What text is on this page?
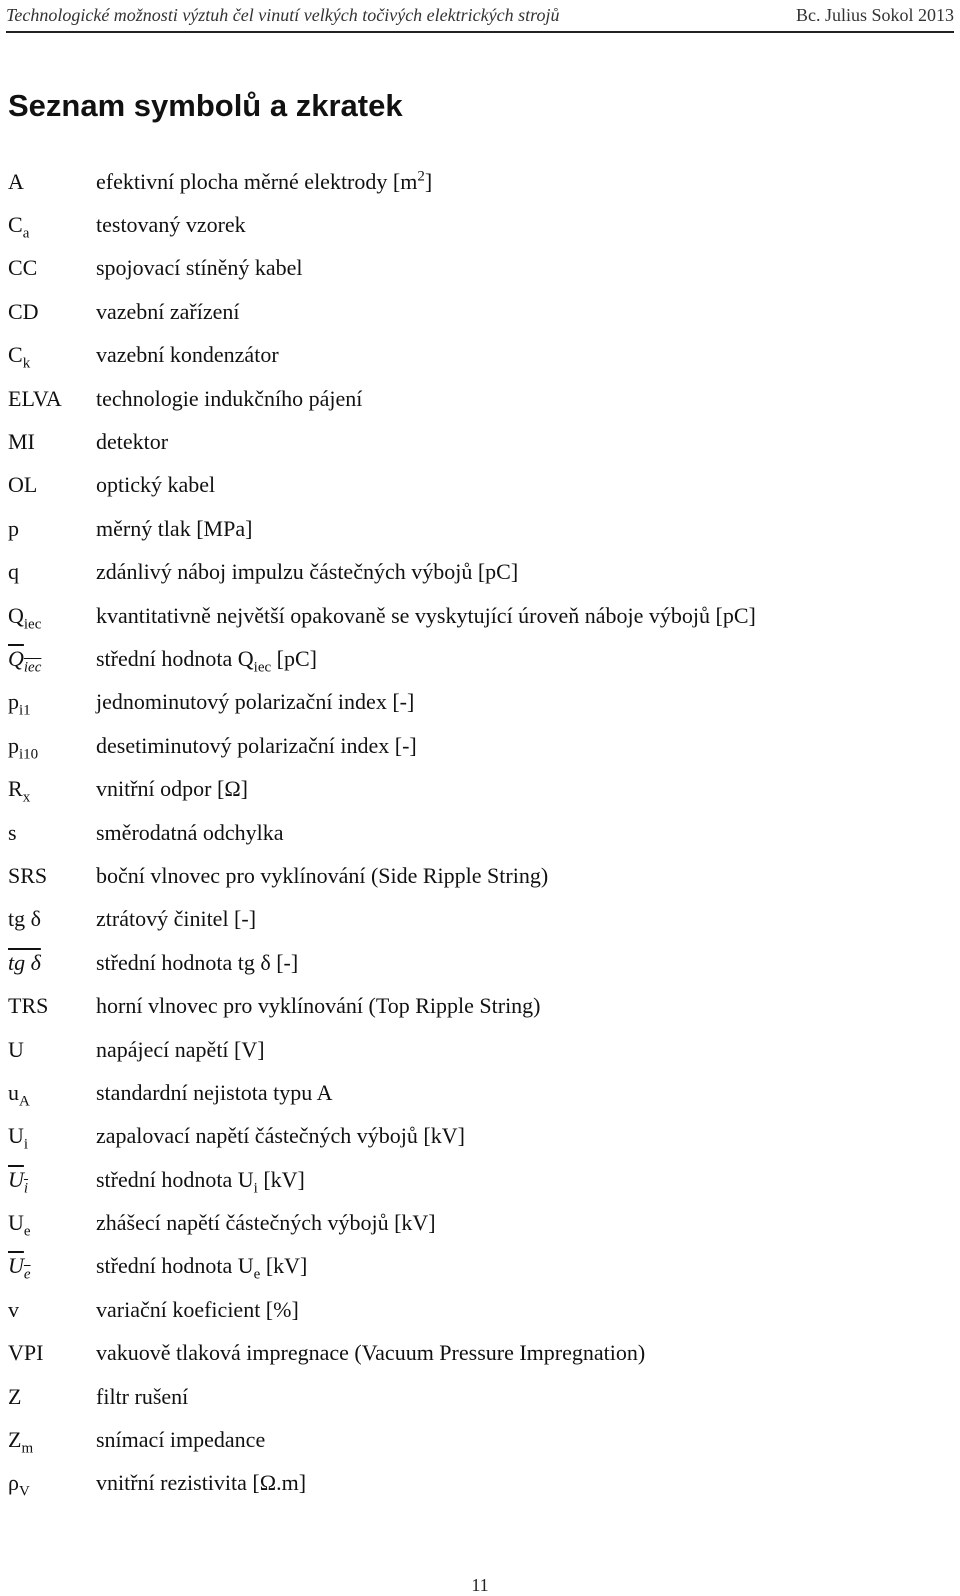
Technologické možnosti výztuh čel vinutí velkých točivých elektrických strojů	Bc. Julius Sokol 2013
Seznam symbolů a zkratek
A	efektivní plocha měrné elektrody $[m^2]$
$C_a$	testovaný vzorek
CC	spojovací stíněný kabel
CD	vazební zařízení
$C_k$	vazební kondenzátor
ELVA	technologie indukčního pájení
MI	detektor
OL	optický kabel
p	měrný tlak [MPa]
q	zdánlivý náboj impulzu částečných výbojů [pC]
$Q_{iec}$	kvantitativně největší opakovaně se vyskytující úroveň náboje výbojů [pC]
$\overline{Q}_{\overline{iec}}$	střední hodnota $Q_{iec}$ [pC]
$p_{i1}$	jednominutový polarizační index [-]
$p_{i10}$	desetiminutový polarizační index [-]
$R_x$	vnitřní odpor [Ω]
s	směrodatná odchylka
SRS	boční vlnovec pro vyklínování (Side Ripple String)
tg δ	ztrátový činitel [-]
tg δ	střední hodnota tg δ [-]
TRS	horní vlnovec pro vyklínování (Top Ripple String)
U	napájecí napětí [V]
$u_A$	standardní nejistota typu A
$U_i$	zapalovací napětí částečných výbojů [kV]
$\overline{U}_{\overline{i}}$	střední hodnota $U_i$ [kV]
$U_e$	zhášecí napětí částečných výbojů [kV]
$\overline{U}_{\overline{e}}$	střední hodnota $U_e$ [kV]
v	variační koeficient [%]
VPI	vakuově tlaková impregnace (Vacuum Pressure Impregnation)
Z	filtr rušení
$Z_m$	snímací impedance
$\rho_V$	vnitřní rezistivita [Ω.m]
11
